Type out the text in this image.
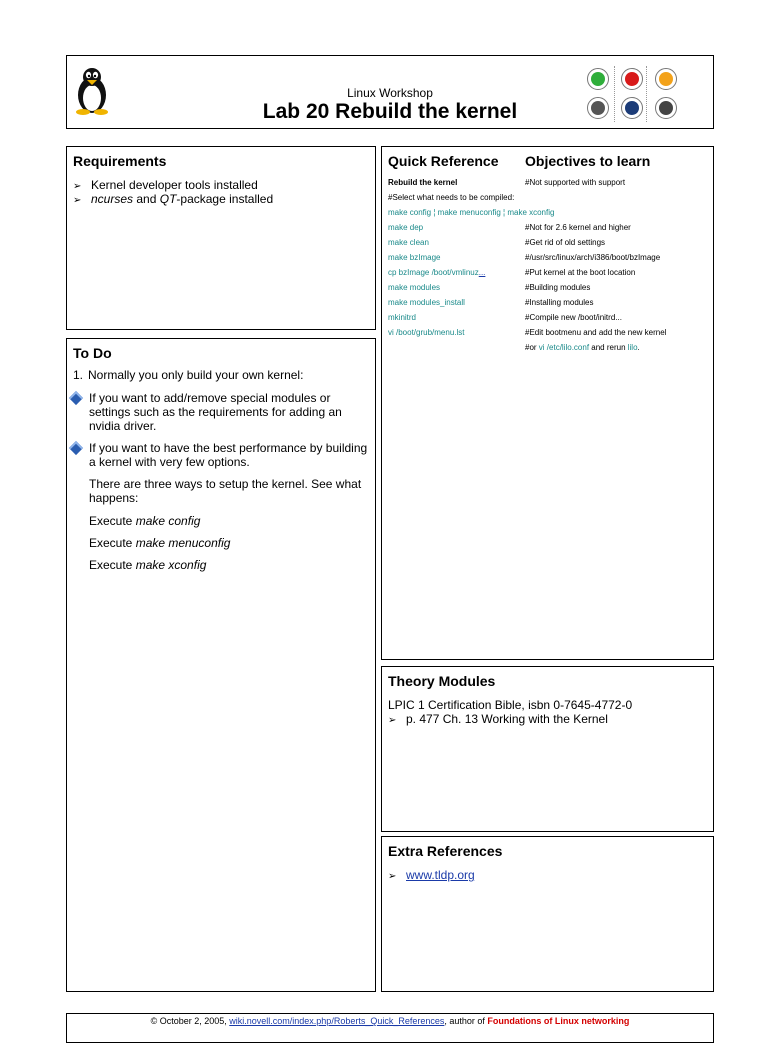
Linux Workshop
Lab 20 Rebuild the kernel
Requirements
➢ Kernel developer tools installed
➢ ncurses and QT-package installed
To Do
1. Normally you only build your own kernel:
If you want to add/remove special modules or settings such as the requirements for adding an nvidia driver.
If you want to have the best performance by building a kernel with very few options.
There are three ways to setup the kernel. See what happens:
Execute make config
Execute make menuconfig
Execute make xconfig
Quick Reference Objectives to learn
Rebuild the kernel	#Not supported with support
#Select what needs to be compiled:
make config ¦ make menuconfig ¦ make xconfig
make dep	#Not for 2.6 kernel and higher
make clean	#Get rid of old settings
make bzImage	#/usr/src/linux/arch/i386/boot/bzImage
cp bzImage /boot/vmlinuz...	#Put kernel at the boot location
make modules	#Building modules
make modules_install	#Installing modules
mkinitrd	#Compile new /boot/initrd...
vi /boot/grub/menu.lst	#Edit bootmenu and add the new kernel
#or vi /etc/lilo.conf and rerun lilo.
Theory Modules
LPIC 1 Certification Bible, isbn 0-7645-4772-0
➢ p. 477 Ch. 13 Working with the Kernel
Extra References
➢ www.tldp.org
© October 2, 2005, wiki.novell.com/index.php/Roberts_Quick_References, author of Foundations of Linux networking
